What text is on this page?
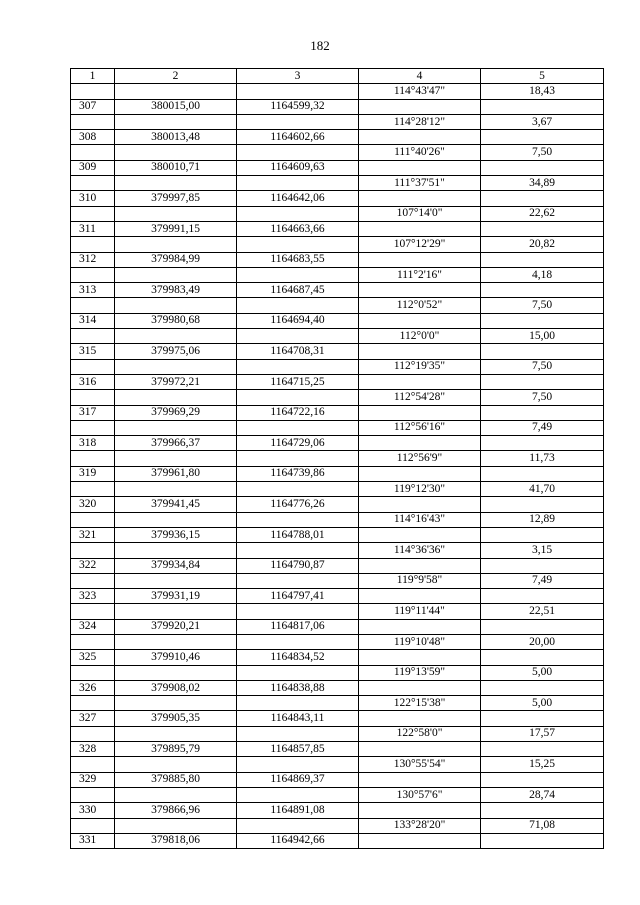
182
1	2	3	4	5
			114°43'47"	18,43
307	380015,00	1164599,32		
			114°28'12"	3,67
308	380013,48	1164602,66		
			111°40'26"	7,50
309	380010,71	1164609,63		
			111°37'51"	34,89
310	379997,85	1164642,06		
			107°14'0"	22,62
311	379991,15	1164663,66		
			107°12'29"	20,82
312	379984,99	1164683,55		
			111°2'16"	4,18
313	379983,49	1164687,45		
			112°0'52"	7,50
314	379980,68	1164694,40		
			112°0'0"	15,00
315	379975,06	1164708,31		
			112°19'35"	7,50
316	379972,21	1164715,25		
			112°54'28"	7,50
317	379969,29	1164722,16		
			112°56'16"	7,49
318	379966,37	1164729,06		
			112°56'9"	11,73
319	379961,80	1164739,86		
			119°12'30"	41,70
320	379941,45	1164776,26		
			114°16'43"	12,89
321	379936,15	1164788,01		
			114°36'36"	3,15
322	379934,84	1164790,87		
			119°9'58"	7,49
323	379931,19	1164797,41		
			119°11'44"	22,51
324	379920,21	1164817,06		
			119°10'48"	20,00
325	379910,46	1164834,52		
			119°13'59"	5,00
326	379908,02	1164838,88		
			122°15'38"	5,00
327	379905,35	1164843,11		
			122°58'0"	17,57
328	379895,79	1164857,85		
			130°55'54"	15,25
329	379885,80	1164869,37		
			130°57'6"	28,74
330	379866,96	1164891,08		
			133°28'20"	71,08
331	379818,06	1164942,66		
